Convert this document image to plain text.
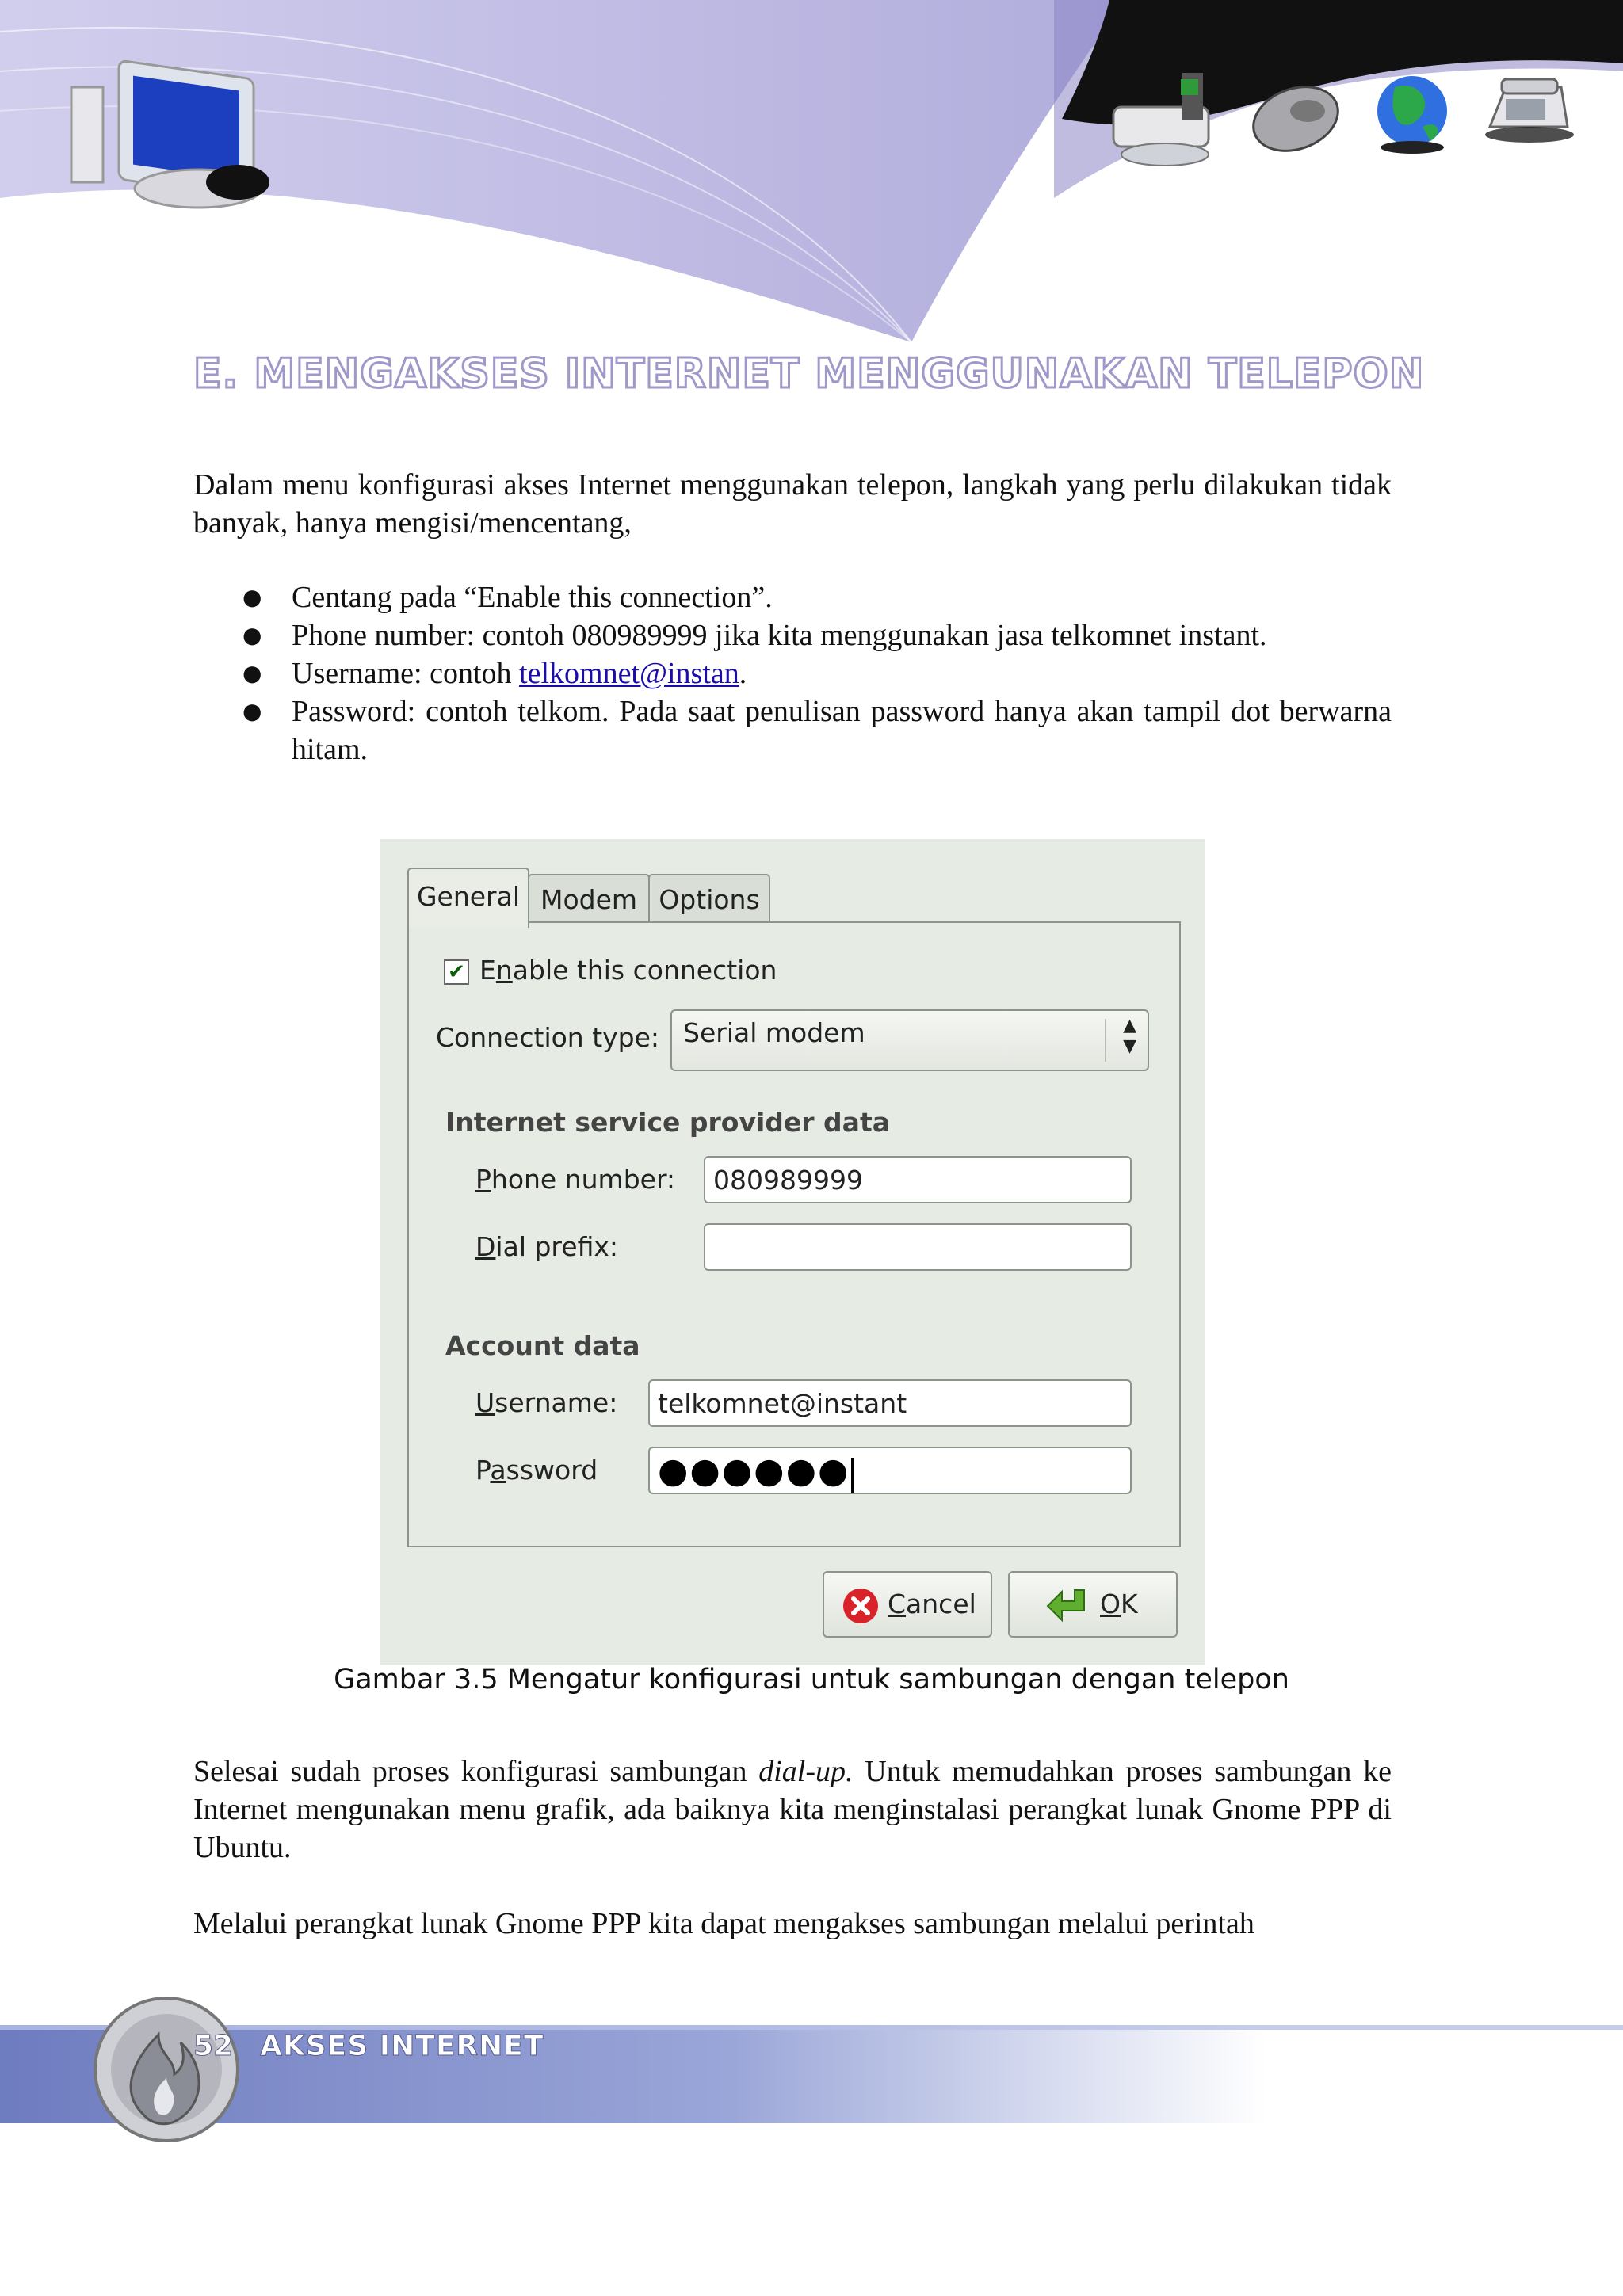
E. MENGAKSES INTERNET MENGGUNAKAN TELEPON

Dalam menu konfigurasi akses Internet menggunakan telepon, langkah yang perlu dilakukan tidak banyak, hanya mengisi/mencentang,

● Centang pada “Enable this connection”.
● Phone number: contoh 080989999 jika kita menggunakan jasa telkomnet instant.
● Username: contoh telkomnet@instan.
● Password: contoh telkom. Pada saat penulisan password hanya akan tampil dot berwarna hitam.
General Modem Options
✔ Enable this connection
Connection type: Serial modem	▲
▼
Internet service provider data
Phone number:	080989999
Dial prefix:
Account data
Username:	telkomnet@instant
Password ●●●●●●
Cancel	OK

Gambar 3.5 Mengatur konfigurasi untuk sambungan dengan telepon

Selesai sudah proses konfigurasi sambungan dial-up. Untuk memudahkan proses sambungan ke Internet mengunakan menu grafik, ada baiknya kita menginstalasi perangkat lunak Gnome PPP di Ubuntu.

Melalui perangkat lunak Gnome PPP kita dapat mengakses sambungan melalui perintah

52 AKSES INTERNET
